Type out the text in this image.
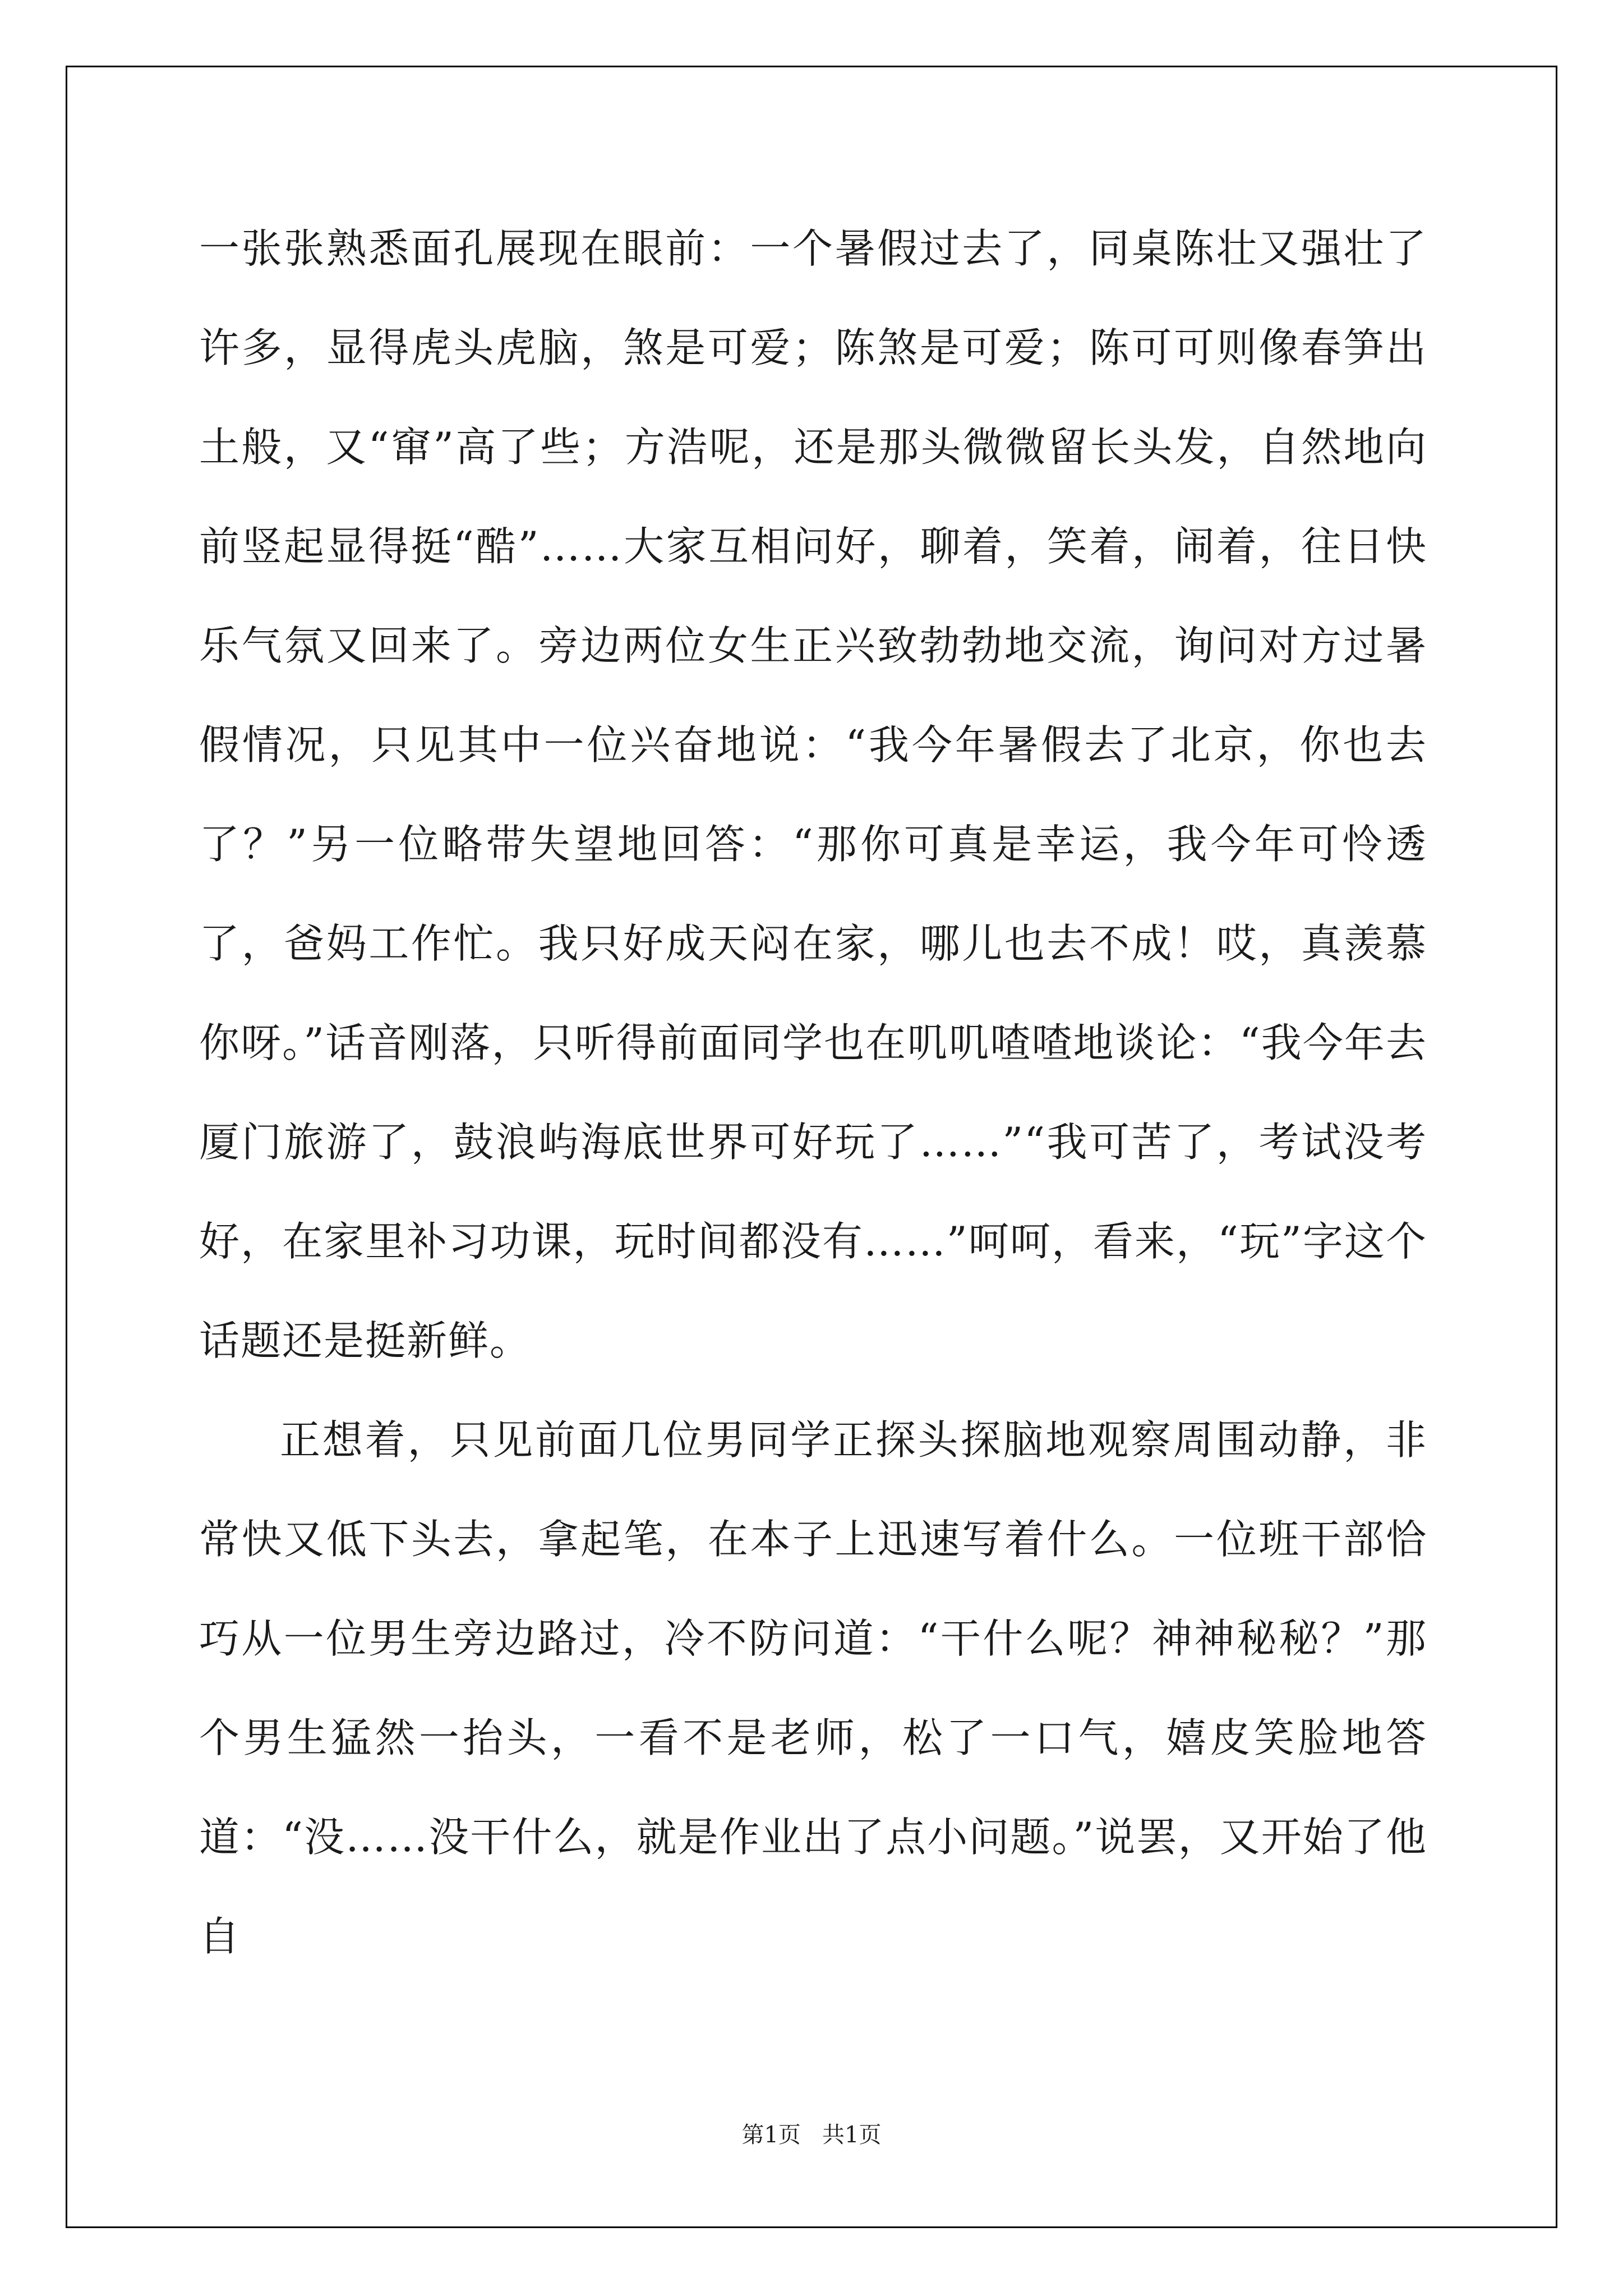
一张张熟悉面孔展现在眼前：一个暑假过去了，同桌陈壮又强壮了许多，显得虎头虎脑，煞是可爱；陈煞是可爱；陈可可则像春笋出土般，又“窜”高了些；方浩呢，还是那头微微留长头发，自然地向前竖起显得挺“酷”……大家互相问好，聊着，笑着，闹着，往日快乐气氛又回来了。旁边两位女生正兴致勃勃地交流，询问对方过暑假情况，只见其中一位兴奋地说：“我今年暑假去了北京，你也去了？”另一位略带失望地回答：“那你可真是幸运，我今年可怜透了，爸妈工作忙。我只好成天闷在家，哪儿也去不成！哎，真羡慕你呀。”话音刚落，只听得前面同学也在叽叽喳喳地谈论：“我今年去厦门旅游了，鼓浪屿海底世界可好玩了……”“我可苦了，考试没考好，在家里补习功课，玩时间都没有……”呵呵，看来，“玩”字这个话题还是挺新鲜。

正想着，只见前面几位男同学正探头探脑地观察周围动静，非常快又低下头去，拿起笔，在本子上迅速写着什么。一位班干部恰巧从一位男生旁边路过，冷不防问道：“干什么呢？神神秘秘？”那个男生猛然一抬头，一看不是老师，松了一口气，嬉皮笑脸地答道：“没……没干什么，就是作业出了点小问题。”说罢，又开始了他自

第1页   共1页
